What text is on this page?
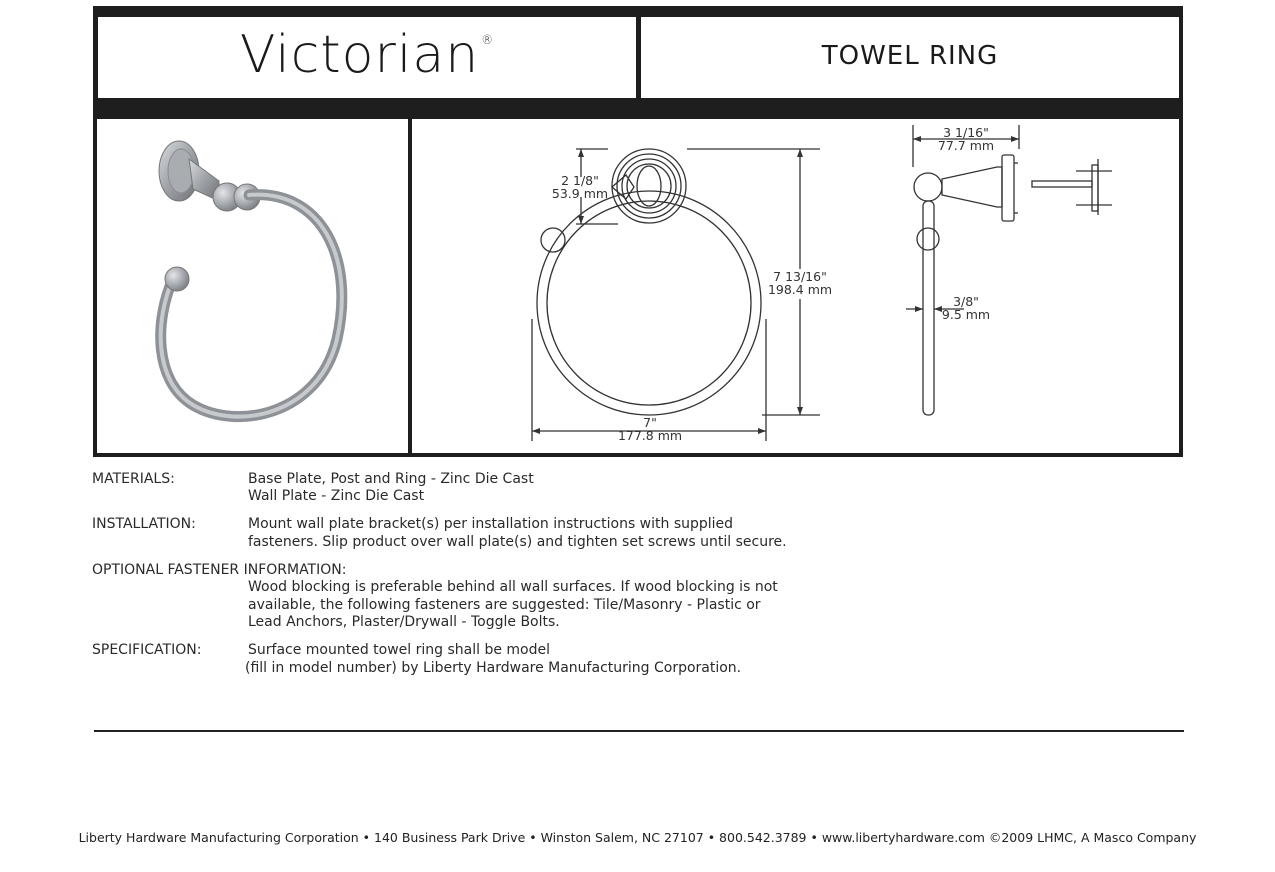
Victorian ®
TOWEL RING
2 1/8"
53.9 mm
7 13/16"
198.4 mm
7"
177.8 mm
3 1/16"
77.7 mm
3/8"
9.5 mm
MATERIALS:	Base Plate, Post and Ring - Zinc Die Cast
Wall Plate - Zinc Die Cast
INSTALLATION:	Mount wall plate bracket(s) per installation instructions with supplied
fasteners. Slip product over wall plate(s) and tighten set screws until secure.
OPTIONAL FASTENER INFORMATION:
Wood blocking is preferable behind all wall surfaces. If wood blocking is not
available, the following fasteners are suggested: Tile/Masonry - Plastic or
Lead Anchors, Plaster/Drywall - Toggle Bolts.
SPECIFICATION:	Surface mounted towel ring shall be model
(fill in model number) by Liberty Hardware Manufacturing Corporation.
Liberty Hardware Manufacturing Corporation • 140 Business Park Drive • Winston Salem, NC 27107 • 800.542.3789 • www.libertyhardware.com ©2009 LHMC, A Masco Company
